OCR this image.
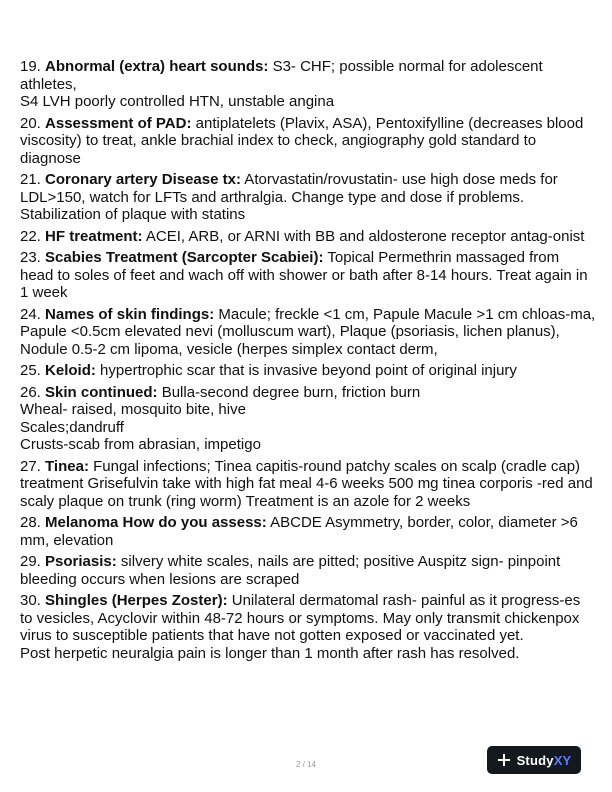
19. Abnormal (extra) heart sounds: S3- CHF; possible normal for adolescent athletes,
S4 LVH poorly controlled HTN, unstable angina
20. Assessment of PAD: antiplatelets (Plavix, ASA), Pentoxifylline (decreases blood viscosity) to treat, ankle brachial index to check, angiography gold standard to diagnose
21. Coronary artery Disease tx: Atorvastatin/rovustatin- use high dose meds for LDL>150, watch for LFTs and arthralgia. Change type and dose if problems. Stabilization of plaque with statins
22. HF treatment: ACEI, ARB, or ARNI with BB and aldosterone receptor antag-onist
23. Scabies Treatment (Sarcopter Scabiei): Topical Permethrin massaged from head to soles of feet and wach off with shower or bath after 8-14 hours. Treat again in 1 week
24. Names of skin findings: Macule; freckle <1 cm, Papule Macule >1 cm chloas-ma, Papule <0.5cm elevated nevi (molluscum wart), Plaque (psoriasis, lichen planus), Nodule 0.5-2 cm lipoma, vesicle (herpes simplex contact derm,
25. Keloid: hypertrophic scar that is invasive beyond point of original injury
26. Skin continued: Bulla-second degree burn, friction burn
Wheal- raised, mosquito bite, hive
Scales;dandruff
Crusts-scab from abrasian, impetigo
27. Tinea: Fungal infections; Tinea capitis-round patchy scales on scalp (cradle cap) treatment Grisefulvin take with high fat meal 4-6 weeks 500 mg tinea corporis -red and scaly plaque on trunk (ring worm) Treatment is an azole for 2 weeks
28. Melanoma How do you assess: ABCDE Asymmetry, border, color, diameter >6 mm, elevation
29. Psoriasis: silvery white scales, nails are pitted; positive Auspitz sign- pinpoint bleeding occurs when lesions are scraped
30. Shingles (Herpes Zoster): Unilateral dermatomal rash- painful as it progress-es to vesicles, Acyclovir within 48-72 hours or symptoms. May only transmit chickenpox virus to susceptible patients that have not gotten exposed or vaccinated yet.
Post herpetic neuralgia pain is longer than 1 month after rash has resolved.
2 / 14	StudyXY
